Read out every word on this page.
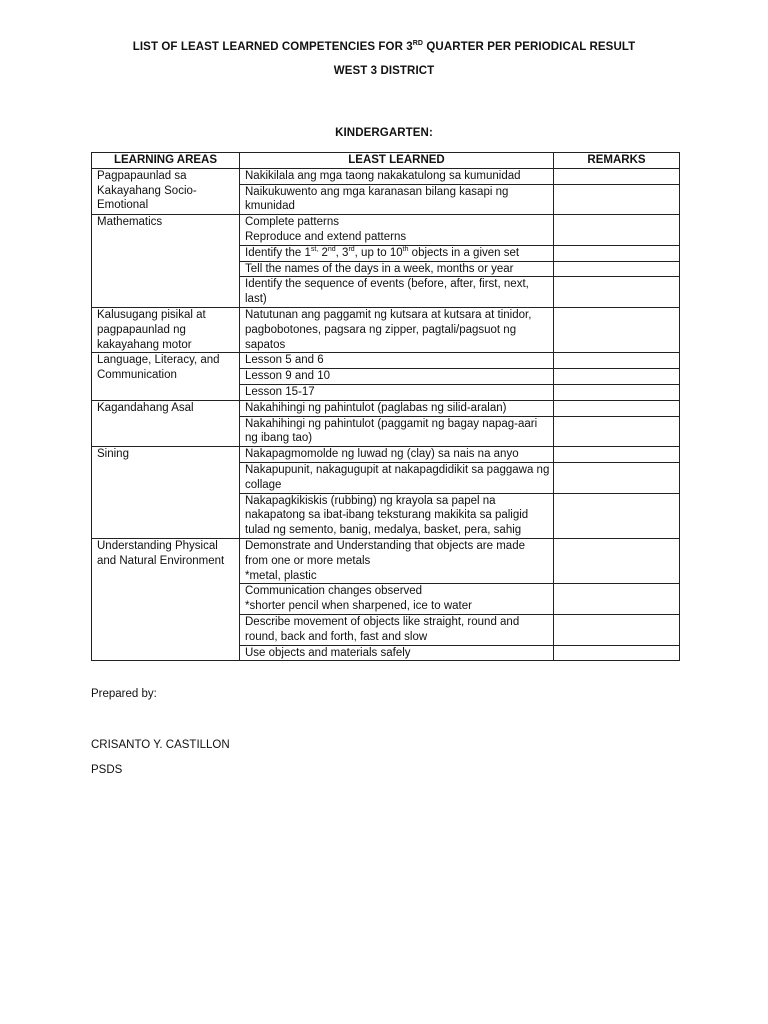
LIST OF LEAST LEARNED COMPETENCIES FOR 3RD QUARTER PER PERIODICAL RESULT
WEST 3 DISTRICT
KINDERGARTEN:
LEARNING AREAS	LEAST LEARNED	REMARKS
Pagpapaunlad sa Kakayahang Socio-Emotional	Nakikilala ang mga taong nakakatulong sa kumunidad	

	Naikukuwento ang mga karanasan bilang kasapi ng kmunidad	

Mathematics	Complete patterns
Reproduce and extend patterns	

	Identify the $1^{st,}$ 2nd, 3rd, up to 10th objects in a given set	

	Tell the names of the days in a week, months or year	

	Identify the sequence of events (before, after, first, next, last)	

Kalusugang pisikal at pagpapaunlad ng kakayahang motor	Natutunan ang paggamit ng kutsara at kutsara at tinidor, pagbobotones, pagsara ng zipper, pagtali/pagsuot ng sapatos	

Language, Literacy, and Communication	Lesson 5 and 6	

	Lesson 9 and 10	

	Lesson 15-17	

Kagandahang Asal	Nakahihingi ng pahintulot (paglabas ng silid-aralan)	

	Nakahihingi ng pahintulot (paggamit ng bagay napag-aari ng ibang tao)	

Sining	Nakapagmomolde ng luwad ng (clay) sa nais na anyo	

	Nakapupunit, nakagugupit at nakapagdidikit sa paggawa ng collage	

	Nakapagkikiskis (rubbing) ng krayola sa papel na nakapatong sa ibat-ibang teksturang makikita sa paligid tulad ng semento, banig, medalya, basket, pera, sahig	

Understanding Physical and Natural Environment	Demonstrate and Understanding that objects are made from one or more metals
*metal, plastic	

	Communication changes observed
*shorter pencil when sharpened, ice to water	

	Describe movement of objects like straight, round and round, back and forth, fast and slow	

	Use objects and materials safely	

Prepared by:
CRISANTO Y. CASTILLON
PSDS
